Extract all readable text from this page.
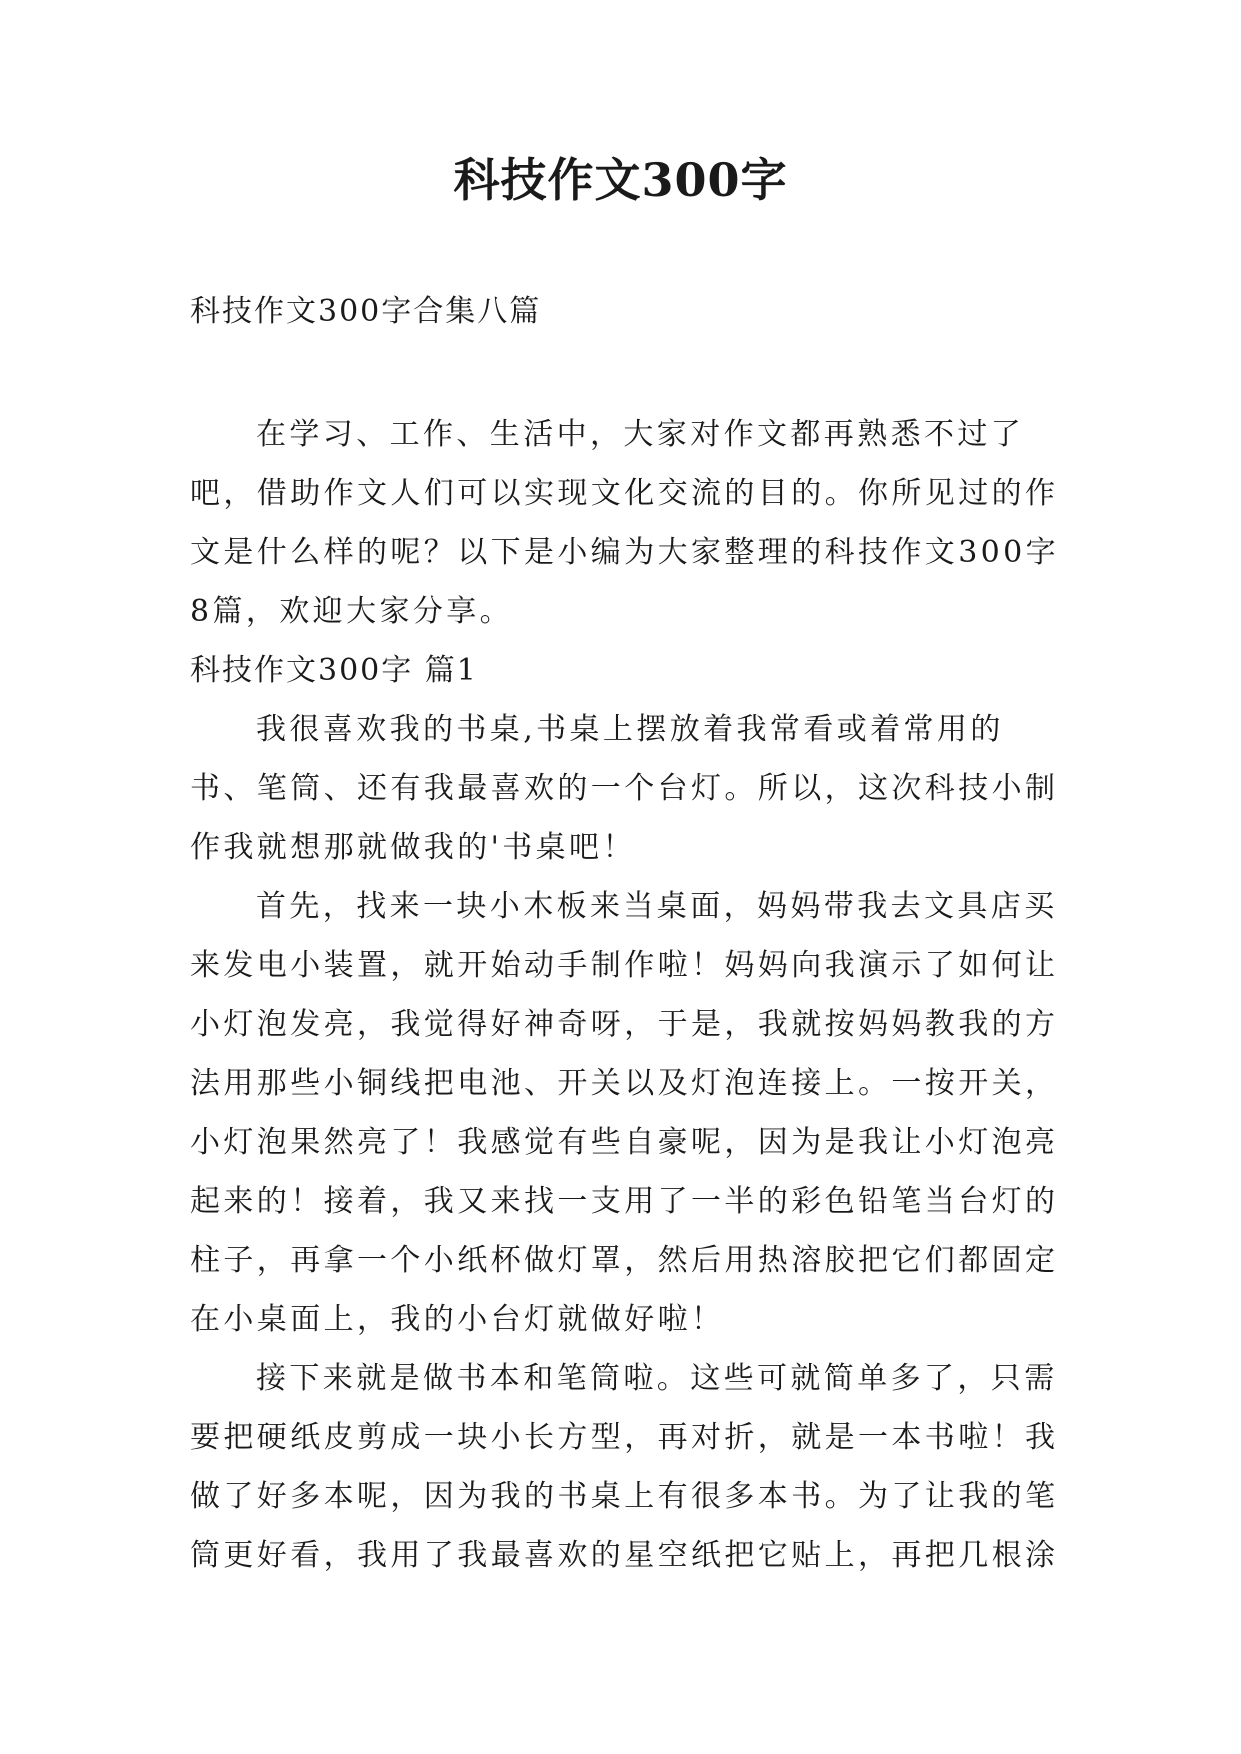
科技作文300字

科技作文300字合集八篇

在学习、工作、生活中，大家对作文都再熟悉不过了吧，借助作文人们可以实现文化交流的目的。你所见过的作文是什么样的呢？以下是小编为大家整理的科技作文300字8篇，欢迎大家分享。

科技作文300字 篇1

我很喜欢我的书桌,书桌上摆放着我常看或着常用的书、笔筒、还有我最喜欢的一个台灯。所以，这次科技小制作我就想那就做我的'书桌吧！

首先，找来一块小木板来当桌面，妈妈带我去文具店买来发电小装置，就开始动手制作啦！妈妈向我演示了如何让小灯泡发亮，我觉得好神奇呀，于是，我就按妈妈教我的方法用那些小铜线把电池、开关以及灯泡连接上。一按开关，小灯泡果然亮了！我感觉有些自豪呢，因为是我让小灯泡亮起来的！接着，我又来找一支用了一半的彩色铅笔当台灯的柱子，再拿一个小纸杯做灯罩，然后用热溶胶把它们都固定在小桌面上，我的小台灯就做好啦！

接下来就是做书本和笔筒啦。这些可就简单多了，只需要把硬纸皮剪成一块小长方型，再对折，就是一本书啦！我做了好多本呢，因为我的书桌上有很多本书。为了让我的笔筒更好看，我用了我最喜欢的星空纸把它贴上，再把几根涂
